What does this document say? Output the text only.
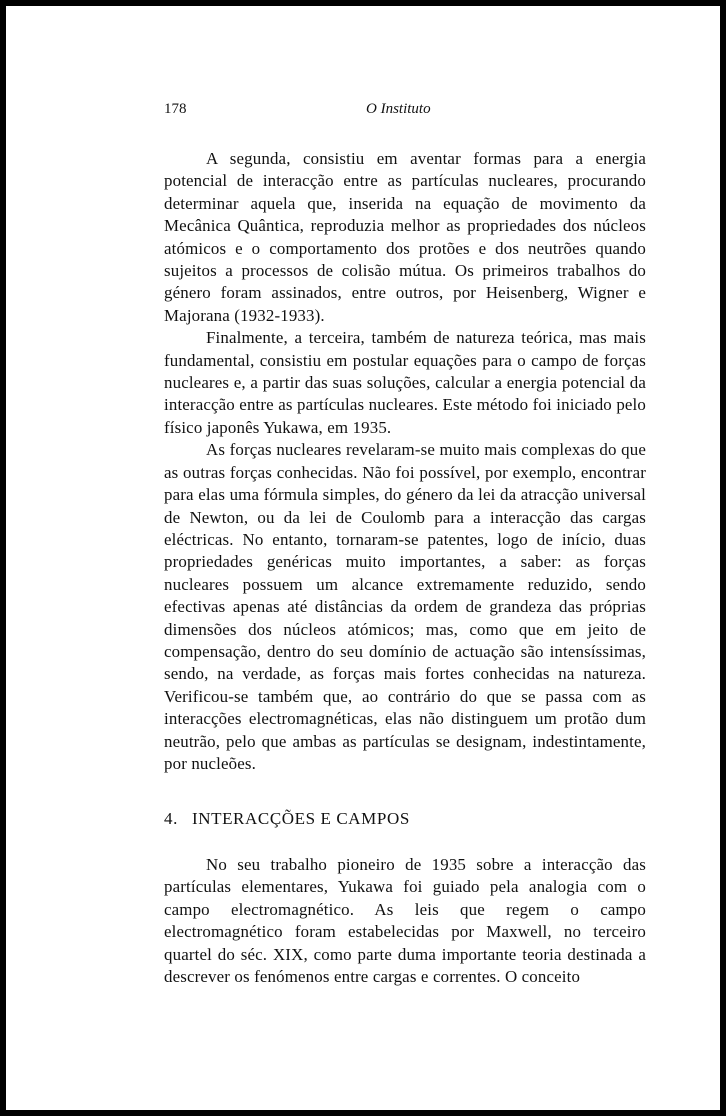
178	O Instituto

A segunda, consistiu em aventar formas para a energia potencial de interacção entre as partículas nucleares, procurando determinar aquela que, inserida na equação de movimento da Mecânica Quântica, reproduzia melhor as propriedades dos núcleos atómicos e o comportamento dos protões e dos neutrões quando sujeitos a processos de colisão mútua. Os primeiros trabalhos do género foram assinados, entre outros, por Heisenberg, Wigner e Majorana (1932-1933).

Finalmente, a terceira, também de natureza teórica, mas mais fundamental, consistiu em postular equações para o campo de forças nucleares e, a partir das suas soluções, calcular a energia potencial da interacção entre as partículas nucleares. Este método foi iniciado pelo físico japonês Yukawa, em 1935.

As forças nucleares revelaram-se muito mais complexas do que as outras forças conhecidas. Não foi possível, por exemplo, encontrar para elas uma fórmula simples, do género da lei da atracção universal de Newton, ou da lei de Coulomb para a interacção das cargas eléctricas. No entanto, tornaram-se patentes, logo de início, duas propriedades genéricas muito importantes, a saber: as forças nucleares possuem um alcance extremamente reduzido, sendo efectivas apenas até distâncias da ordem de grandeza das próprias dimensões dos núcleos atómicos; mas, como que em jeito de compensação, dentro do seu domínio de actuação são intensíssimas, sendo, na verdade, as forças mais fortes conhecidas na natureza. Verificou-se também que, ao contrário do que se passa com as interacções electromagnéticas, elas não distinguem um protão dum neutrão, pelo que ambas as partículas se designam, indestintamente, por nucleões.

4. INTERACÇÕES E CAMPOS

No seu trabalho pioneiro de 1935 sobre a interacção das partículas elementares, Yukawa foi guiado pela analogia com o campo electromagnético. As leis que regem o campo electromagnético foram estabelecidas por Maxwell, no terceiro quartel do séc. XIX, como parte duma importante teoria destinada a descrever os fenómenos entre cargas e correntes. O conceito
